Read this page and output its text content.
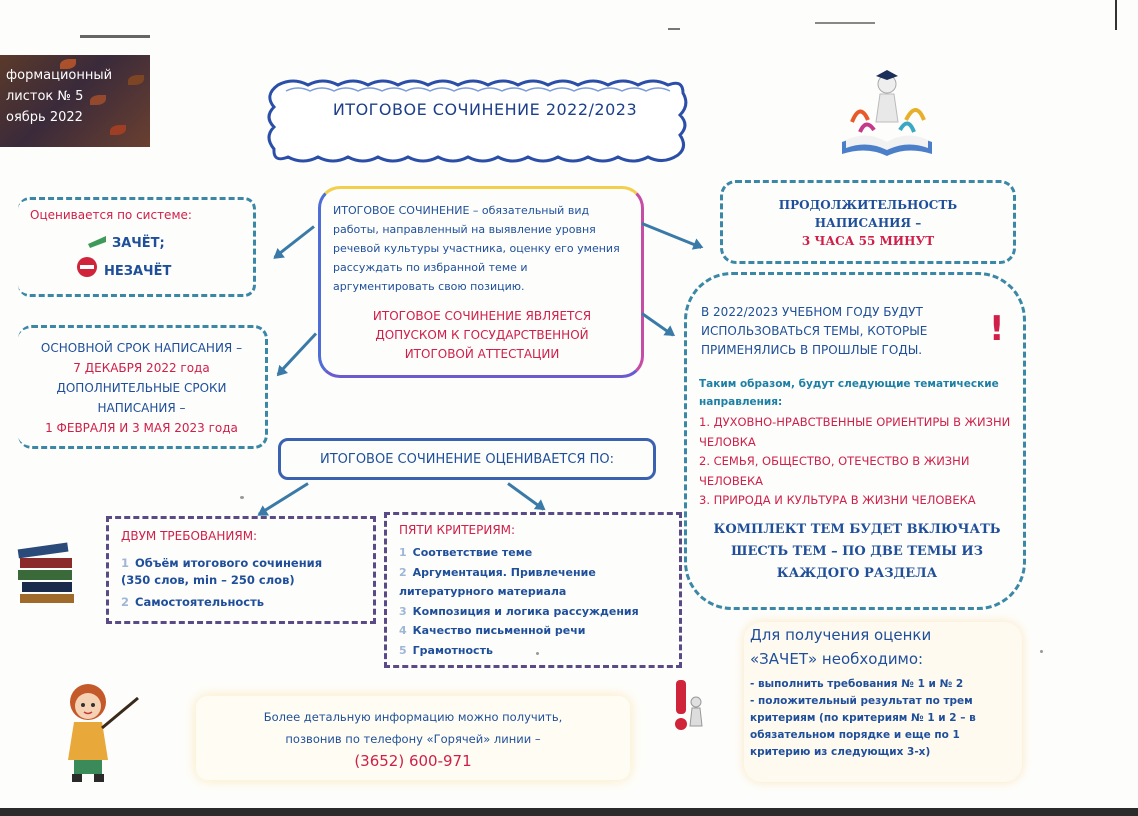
формационный
листок № 5
оябрь 2022	ИТОГОВОЕ СОЧИНЕНИЕ 2022/2023
Оценивается по системе:
ЗАЧЁТ;
НЕЗАЧЁТ
ОСНОВНОЙ СРОК НАПИСАНИЯ –
7 ДЕКАБРЯ 2022 года
ДОПОЛНИТЕЛЬНЫЕ СРОКИ
НАПИСАНИЯ –
1 ФЕВРАЛЯ И 3 МАЯ 2023 года
ИТОГОВОЕ СОЧИНЕНИЕ – обязательный вид работы, направленный на выявление уровня речевой культуры участника, оценку его умения рассуждать по избранной теме и аргументировать свою позицию.
ИТОГОВОЕ СОЧИНЕНИЕ ЯВЛЯЕТСЯ ДОПУСКОМ К ГОСУДАРСТВЕННОЙ ИТОГОВОЙ АТТЕСТАЦИИ
ПРОДОЛЖИТЕЛЬНОСТЬ
НАПИСАНИЯ –
3 ЧАСА 55 МИНУТ
В 2022/2023 УЧЕБНОМ ГОДУ БУДУТ ИСПОЛЬЗОВАТЬСЯ ТЕМЫ, КОТОРЫЕ ПРИМЕНЯЛИСЬ В ПРОШЛЫЕ ГОДЫ.
!
Таким образом, будут следующие тематические направления:
1. ДУХОВНО-НРАВСТВЕННЫЕ ОРИЕНТИРЫ В ЖИЗНИ ЧЕЛОВКА
2. СЕМЬЯ, ОБЩЕСТВО, ОТЕЧЕСТВО В ЖИЗНИ ЧЕЛОВЕКА
3. ПРИРОДА И КУЛЬТУРА В ЖИЗНИ ЧЕЛОВЕКА
КОМПЛЕКТ ТЕМ БУДЕТ ВКЛЮЧАТЬ ШЕСТЬ ТЕМ – ПО ДВЕ ТЕМЫ ИЗ КАЖДОГО РАЗДЕЛА
ИТОГОВОЕ СОЧИНЕНИЕ ОЦЕНИВАЕТСЯ ПО:
ДВУМ ТРЕБОВАНИЯМ:
1 Объём итогового сочинения
(350 слов, min – 250 слов)
2 Самостоятельность
ПЯТИ КРИТЕРИЯМ:
1 Соответствие теме
2 Аргументация. Привлечение
литературного материала
3 Композиция и логика рассуждения
4 Качество письменной речи
5 Грамотность
Более детальную информацию можно получить,
позвонив по телефону «Горячей» линии –
(3652) 600-971
Для получения оценки
«ЗАЧЕТ» необходимо:
- выполнить требования № 1 и № 2
- положительный результат по трем критериям (по критериям № 1 и 2 – в обязательном порядке и еще по 1 критерию из следующих 3-х)
